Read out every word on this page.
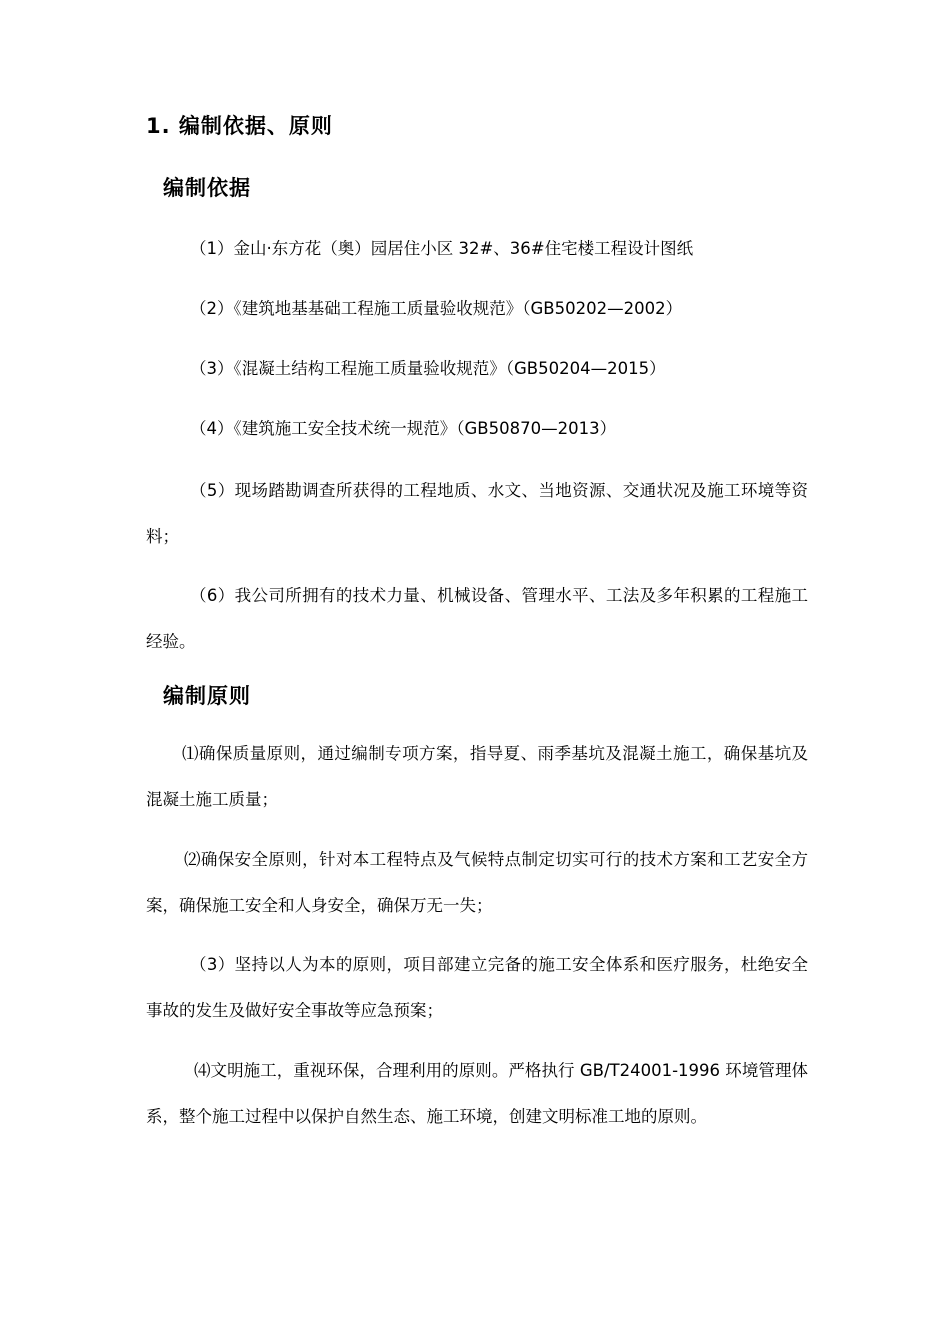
1. 编制依据、原则
编制依据
（1）金山·东方花（奥）园居住小区 32#、36#住宅楼工程设计图纸
（2）《建筑地基基础工程施工质量验收规范》（GB50202—2002）
（3）《混凝土结构工程施工质量验收规范》（GB50204—2015）
（4）《建筑施工安全技术统一规范》（GB50870—2013）
（5）现场踏勘调查所获得的工程地质、水文、当地资源、交通状况及施工环境等资料；
（6）我公司所拥有的技术力量、机械设备、管理水平、工法及多年积累的工程施工经验。
编制原则
⑴确保质量原则，通过编制专项方案，指导夏、雨季基坑及混凝土施工，确保基坑及混凝土施工质量；
⑵确保安全原则，针对本工程特点及气候特点制定切实可行的技术方案和工艺安全方案，确保施工安全和人身安全，确保万无一失；
（3）坚持以人为本的原则，项目部建立完备的施工安全体系和医疗服务，杜绝安全事故的发生及做好安全事故等应急预案；
⑷文明施工，重视环保，合理利用的原则。严格执行 GB/T24001-1996 环境管理体系，整个施工过程中以保护自然生态、施工环境，创建文明标准工地的原则。
